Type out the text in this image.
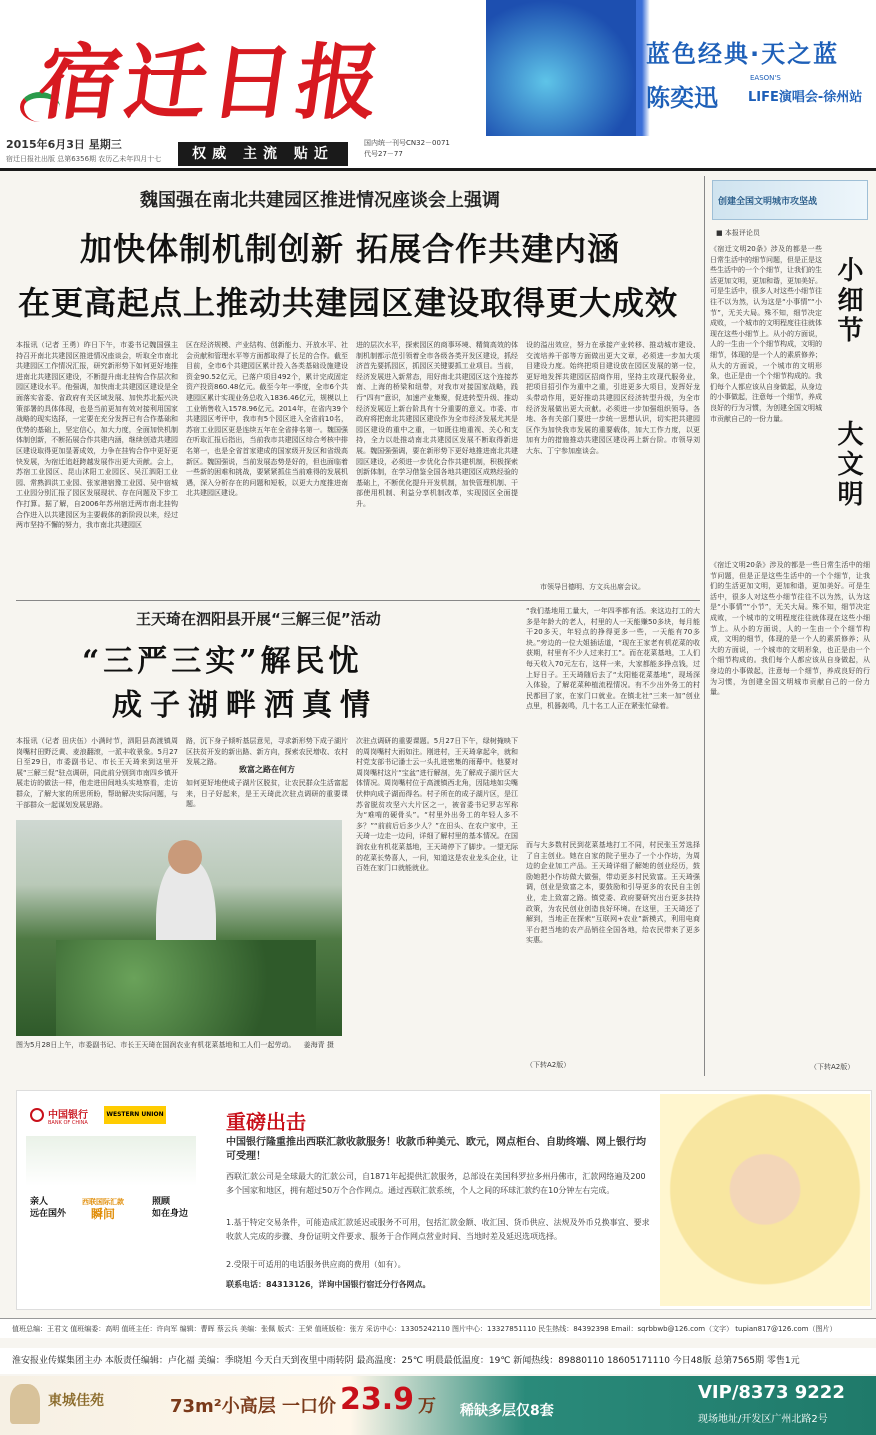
宿迁日报
2015年6月3日 星期三
宿迁日报社出版 总第6356期 农历乙未年四月十七	权威 主流 贴近
国内统一刊号CN32－0071
代号27－77
蓝色经典·天之蓝
EASON'S
陈奕迅 LIFE演唱会-徐州站
魏国强在南北共建园区推进情况座谈会上强调
加快体制机制创新 拓展合作共建内涵
在更高起点上推动共建园区建设取得更大成效
本报讯（记者 王勇）昨日下午，市委书记魏国强主持召开南北共建园区推进情况座谈会，听取全市南北共建园区工作情况汇报，研究新形势下如何更好地推进南北共建园区建设，不断提升南北挂钩合作层次和园区建设水平。他强调，加快南北共建园区建设是全面落实省委、省政府有关区域发展、加快苏北振兴决策部署的具体体现，也是当前更加有效对接利用国家战略的现实选择，一定要在充分发挥已有合作基础和优势的基础上，坚定信心，加大力度，全面加快机制体制创新，不断拓展合作共建内涵，继续创造共建园区建设取得更加显著成效，力争在挂钩合作中更好更快发展，为宿迁追赶跨越发展作出更大贡献。会上，苏宿工业园区、昆山沭阳工业园区、吴江泗阳工业园、常熟泗洪工业园、张家港宿豫工业园、吴中宿城工业园分别汇报了园区发展现状、存在问题及下步工作打算。据了解，自2006年苏州宿迁两市南北挂钩合作进入以共建园区为主要载体的新阶段以来，经过两市坚持不懈的努力，我市南北共建园区
区在经济规模、产业结构、创新能力、开放水平、社会贡献和管理水平等方面都取得了长足的合作。截至目前，全市6个共建园区累计投入各类基础设施建设资金90.52亿元，已落户项目492个，累计完成固定资产投资860.48亿元。截至今年一季度，全市6个共建园区累计实现业务总收入1836.46亿元，规模以上工业销售收入1578.96亿元。2014年，在省内39个共建园区考评中，我市有5个园区进入全省前10名，苏宿工业园区更是连续五年在全省排名第一。魏国强在听取汇报后指出，当前我市共建园区综合考核中排名第一，也是全省首家建成的国家级开发区和省级高新区。魏国强说，当前发展态势是好的，但也面临着一些新的困难和挑战，要紧紧抓住当前难得的发展机遇，深入分析存在的问题和短板，以更大力度推进南北共建园区建设。
进的层次水平，探索园区的商事环境、精简高效的体制机制都示范引领着全市各级各类开发区建设，抓经济首先要抓园区，抓园区关键要抓工业项目。当前，经济发展进入新常态，用好南北共建园区这个连接苏南、上海的桥梁和纽带，对我市对接国家战略，践行“四有”意识，加速产业集聚，促进转型升级、推动经济发展迈上新台阶具有十分重要的意义。市委、市政府将把南北共建园区建设作为全市经济发展尤其是园区建设的重中之重，一如既往地重视、关心和支持，全力以赴推动南北共建园区发展不断取得新进展。魏国强强调，要在新形势下更好地推进南北共建园区建设，必须进一步优化合作共建机制，积极探索创新体制，在学习借鉴全国各地共建园区成熟经验的基础上，不断优化提升开发机制，加快管理机制、干部使用机制、利益分享机制改革，实现园区全面提升。
设的溢出效应，努力在承接产业转移、推动城市建设、交流培养干部等方面做出更大文章，必须进一步加大项目建设力度。始终把项目建设放在园区发展的第一位，更好地发挥共建园区招商作用，坚持主攻现代服务业，把项目招引作为重中之重，引进更多大项目，发挥好龙头带动作用，更好推动共建园区经济转型升级，为全市经济发展做出更大贡献。必须进一步加强组织领导。各地、各有关部门要进一步统一思想认识，切实把共建园区作为加快我市发展的重要载体，加大工作力度，以更加有力的措施推动共建园区建设再上新台阶。市领导刘大东、丁宁参加座谈会。
市领导吕德明、方文兵出席会议。
王天琦在泗阳县开展“三解三促”活动
“三严三实”解民忧
成子湖畔洒真情
本报讯（记者 田庆伍）小满时节，泗阳县高渡镇周岗嘴村田野泛黄、麦浪翻滚，一派丰收景象。5月27日至29日，市委副书记、市长王天琦来到这里开展“三解三促”驻点调研，同此前分别到市南四乡镇开展走访的做法一样，他走进田间地头实地察看，走访群众，了解大家的所思所盼，帮助解决实际问题，与干部群众一起谋划发展思路。
路，沉下身子倾听基层意见，寻求新形势下成子湖片区扶贫开发的新出路、新方向，探索农民增收、农村发展之路。
致富之路在何方
如何更好地使成子湖片区脱贫，让农民群众生活富起来，日子好起来，是王天琦此次驻点调研的重要课题。
图为5月28日上午，市委副书记、市长王天琦在国润农业有机花菜基地和工人们一起劳动。 姜海青 摄
次驻点调研的重要课题。5月27日下午，绿树掩映下的周岗嘴村大雨如注。刚进村，王天琦拿起伞，就和村党支部书记潘士云一头扎进密集的雨幕中。他要对周岗嘴村这片“宝盆”进行解剖，先了解成子湖片区大体情况。周岗嘴村位于高渡镇西北角，因陆地如尖嘴伏伸向成子湖而得名。村子所在的成子湖片区，是江苏省脱贫攻坚六大片区之一，被省委书记罗志军称为“难啃的硬骨头”。“村里外出务工的年轻人多不多？”“前前后后多少人？”在田头、在农户家中，王天琦一边走一边问，详细了解村里的基本情况。在国润农业有机花菜基地，王天琦停下了脚步。一望无际的花菜长势喜人，一问，知道这是农业龙头企业，让百姓在家门口就能就业。
“我们基地用工量大，一年四季都有活。来这边打工的大多是年龄大的老人，村里的人一天能赚50多块，每月能干20多天，年轻点的挣得更多一些，一天能有70多块。”旁边的一位大姐插话道，“现在王家老有机花菜的收获期，村里有不少人过来打工”。而在花菜基地，工人们每天收入70元左右，这样一来，大家都能多挣点钱，过上好日子。王天琦随后去了“太阳能花菜基地”，现场深入体验，了解花菜种植流程情况。有不少出外务工的村民都回了家，在家门口就业。在镇北社“三来一加”创业点里，机器轰鸣，几十名工人正在紧张忙碌着。
而与大多数村民到花菜基地打工不同，村民张玉芳选择了自主创业。她在自家的院子里办了一个小作坊，为周边的企业加工产品。王天琦详细了解她的创业经历，鼓励她把小作坊做大做强，带动更多村民致富。王天琦强调，创业是致富之本，要鼓励和引导更多的农民自主创业，走上致富之路。镇党委、政府要研究出台更多扶持政策，为农民创业创造良好环境。在这里，王天琦还了解到，当地正在探索“互联网+农业”新模式，利用电商平台把当地的农产品销往全国各地，给农民带来了更多实惠。
（下转A2版）
创建全国文明城市攻坚战
■ 本报评论员
小细节
大文明
《宿迁文明20条》涉及的都是一些日常生活中的细节问题，但是正是这些生活中的一个个细节，让我们的生活更加文明，更加和谐，更加美好。可是生活中，很多人对这些小细节往往不以为然，认为这是“小事情”“小节”，无关大局。殊不知，细节决定成败，一个城市的文明程度往往就体现在这些小细节上。从小的方面说，人的一生由一个个细节构成，文明的细节，体现的是一个人的素质修养；从大的方面说，一个城市的文明形象，也正是由一个个细节构成的。我们每个人都应该从自身做起，从身边的小事做起，注意每一个细节，养成良好的行为习惯，为创建全国文明城市贡献自己的一份力量。
《宿迁文明20条》涉及的都是一些日常生活中的细节问题，但是正是这些生活中的一个个细节，让我们的生活更加文明，更加和谐，更加美好。可是生活中，很多人对这些小细节往往不以为然，认为这是“小事情”“小节”，无关大局。殊不知，细节决定成败，一个城市的文明程度往往就体现在这些小细节上。从小的方面说，人的一生由一个个细节构成，文明的细节，体现的是一个人的素质修养；从大的方面说，一个城市的文明形象，也正是由一个个细节构成的。我们每个人都应该从自身做起，从身边的小事做起，注意每一个细节，养成良好的行为习惯，为创建全国文明城市贡献自己的一份力量。
（下转A2版）
中国银行
BANK OF CHINA
WESTERN UNION
亲人
远在国外
西联国际汇款
瞬间
照顾
如在身边
重磅出击
中国银行隆重推出西联汇款收款服务！收款币种美元、欧元，网点柜台、自助终端、网上银行均可受理！
西联汇款公司是全球最大的汇款公司，自1871年起提供汇款服务，总部设在美国科罗拉多州丹佛市，汇款网络遍及200多个国家和地区，拥有超过50万个合作网点。通过西联汇款系统，个人之间的环球汇款约在10分钟左右完成。
1.基于特定交易条件，可能造成汇款延迟或服务不可用，包括汇款金额、收汇国、货币供应、法规及外币兑换事宜、要求收款人完成的步骤、身份证明文件要求、服务于合作网点营业时间、当地时差及延迟选项选择。
2.受限于可适用的电话服务供应商的费用（如有）。
联系电话：84313126，详询中国银行宿迁分行各网点。
值班总编：王君文 值班编委：高明 值班主任：许向军 编辑：曹晖 蔡云兵 美编：张佩 版式：王荣 值班版检：张方 采访中心：13305242110 图片中心：13327851110 民生热线：84392398 Email：sqrbbwb@126.com（文字） tupian817@126.com（图片）
淮安报业传媒集团主办 本版责任编辑：卢化福 美编：季晓旭 今天白天到夜里中雨转阴 最高温度：25℃ 明晨最低温度：19℃ 新闻热线：89880110 18605171110 今日48版 总第7565期 零售1元
東城佳苑	73m²小高层 一口价 23.9 万 稀缺多层仅8套
VIP/8373 9222
现场地址/开发区广州北路2号
